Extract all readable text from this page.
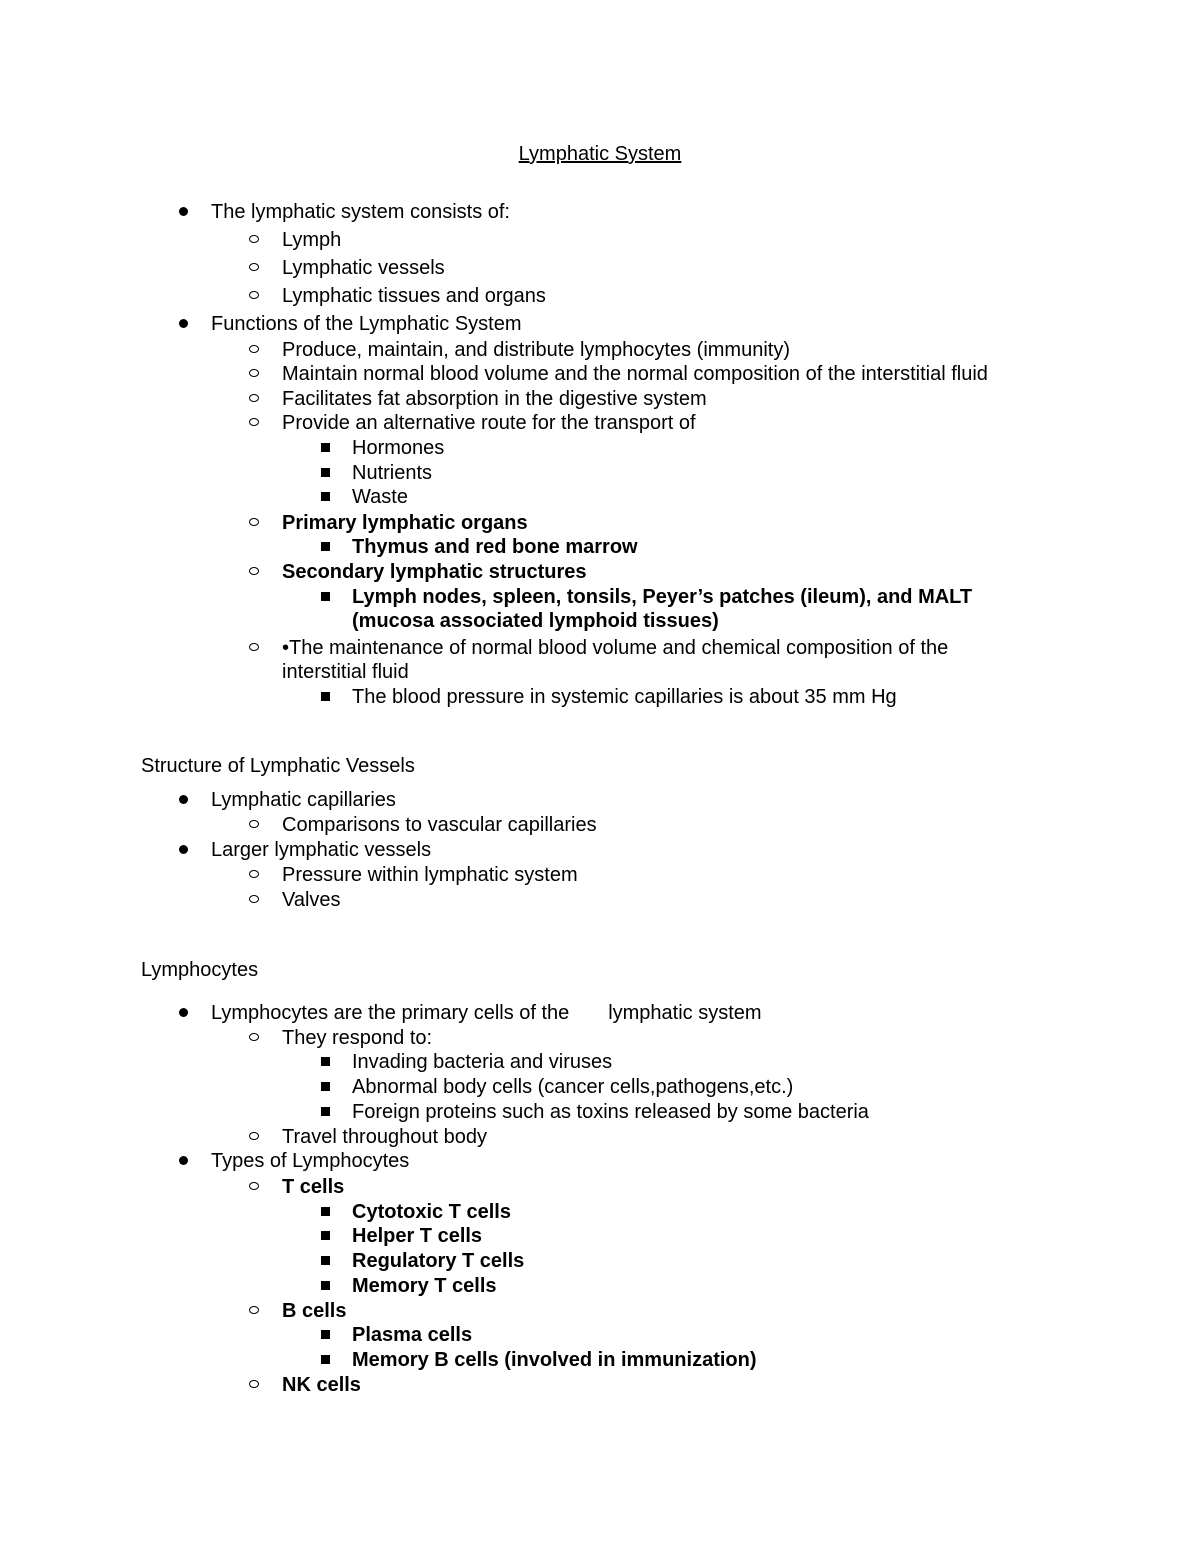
Lymphatic System
The lymphatic system consists of:
Lymph
Lymphatic vessels
Lymphatic tissues and organs
Functions of the Lymphatic System
Produce, maintain, and distribute lymphocytes (immunity)
Maintain normal blood volume and the normal composition of the interstitial fluid
Facilitates fat absorption in the digestive system
Provide an alternative route for the transport of
Hormones
Nutrients
Waste
Primary lymphatic organs
Thymus and red bone marrow
Secondary lymphatic structures
Lymph nodes, spleen, tonsils, Peyer’s patches (ileum), and MALT (mucosa associated lymphoid tissues)
•The maintenance of normal blood volume and chemical composition of the interstitial fluid
The blood pressure in systemic capillaries is about 35 mm Hg
Structure of Lymphatic Vessels
Lymphatic capillaries
Comparisons to vascular capillaries
Larger lymphatic vessels
Pressure within lymphatic system
Valves
Lymphocytes
Lymphocytes are the primary cells of the       lymphatic system
They respond to:
Invading bacteria and viruses
Abnormal body cells (cancer cells,pathogens,etc.)
Foreign proteins such as toxins released by some bacteria
Travel throughout body
Types of Lymphocytes
T cells
Cytotoxic T cells
Helper T cells
Regulatory T cells
Memory T cells
B cells
Plasma cells
Memory B cells (involved in immunization)
NK cells
